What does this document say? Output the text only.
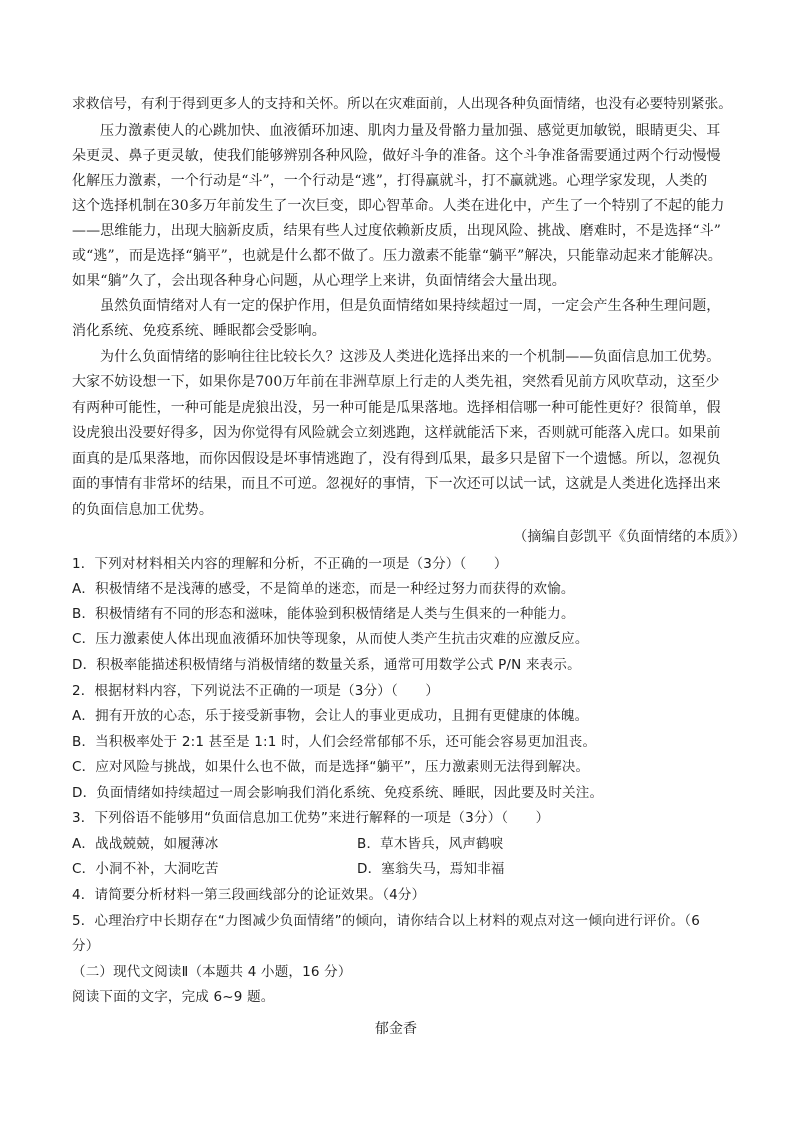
求救信号，有利于得到更多人的支持和关怀。所以在灾难面前，人出现各种负面情绪，也没有必要特别紧张。
压力激素使人的心跳加快、血液循环加速、肌肉力量及骨骼力量加强、感觉更加敏锐，眼睛更尖、耳
朵更灵、鼻子更灵敏，使我们能够辨别各种风险，做好斗争的准备。这个斗争准备需要通过两个行动慢慢
化解压力激素，一个行动是“斗”，一个行动是“逃”，打得赢就斗，打不赢就逃。心理学家发现，人类的
这个选择机制在30多万年前发生了一次巨变，即心智革命。人类在进化中，产生了一个特别了不起的能力
——思维能力，出现大脑新皮质，结果有些人过度依赖新皮质，出现风险、挑战、磨难时，不是选择“斗”
或“逃”，而是选择“躺平”，也就是什么都不做了。压力激素不能靠“躺平”解决，只能靠动起来才能解决。
如果“躺”久了，会出现各种身心问题，从心理学上来讲，负面情绪会大量出现。
虽然负面情绪对人有一定的保护作用，但是负面情绪如果持续超过一周，一定会产生各种生理问题，
消化系统、免疫系统、睡眠都会受影响。
为什么负面情绪的影响往往比较长久？这涉及人类进化选择出来的一个机制——负面信息加工优势。
大家不妨设想一下，如果你是700万年前在非洲草原上行走的人类先祖，突然看见前方风吹草动，这至少
有两种可能性，一种可能是虎狼出没，另一种可能是瓜果落地。选择相信哪一种可能性更好？很简单，假
设虎狼出没要好得多，因为你觉得有风险就会立刻逃跑，这样就能活下来，否则就可能落入虎口。如果前
面真的是瓜果落地，而你因假设是坏事情逃跑了，没有得到瓜果，最多只是留下一个遗憾。所以，忽视负
面的事情有非常坏的结果，而且不可逆。忽视好的事情，下一次还可以试一试，这就是人类进化选择出来
的负面信息加工优势。
（摘编自彭凯平《负面情绪的本质》）
1．下列对材料相关内容的理解和分析，不正确的一项是（3分）（　　）
A．积极情绪不是浅薄的感受，不是简单的迷恋，而是一种经过努力而获得的欢愉。
B．积极情绪有不同的形态和滋味，能体验到积极情绪是人类与生俱来的一种能力。
C．压力激素使人体出现血液循环加快等现象，从而使人类产生抗击灾难的应激反应。
D．积极率能描述积极情绪与消极情绪的数量关系，通常可用数学公式 P/N 来表示。
2．根据材料内容，下列说法不正确的一项是（3分）（　　）
A．拥有开放的心态，乐于接受新事物，会让人的事业更成功，且拥有更健康的体魄。
B．当积极率处于 2:1 甚至是 1:1 时，人们会经常郁郁不乐，还可能会容易更加沮丧。
C．应对风险与挑战，如果什么也不做，而是选择“躺平”，压力激素则无法得到解决。
D．负面情绪如持续超过一周会影响我们消化系统、免疫系统、睡眠，因此要及时关注。
3．下列俗语不能够用“负面信息加工优势”来进行解释的一项是（3分）（　　）
A．战战兢兢，如履薄冰	B．草木皆兵，风声鹤唳
C．小洞不补，大洞吃苦	D．塞翁失马，焉知非福
4．请简要分析材料一第三段画线部分的论证效果。（4分）
5．心理治疗中长期存在“力图减少负面情绪”的倾向，请你结合以上材料的观点对这一倾向进行评价。（6
分）
（二）现代文阅读Ⅱ（本题共 4 小题，16 分）
阅读下面的文字，完成 6~9 题。
郁金香
